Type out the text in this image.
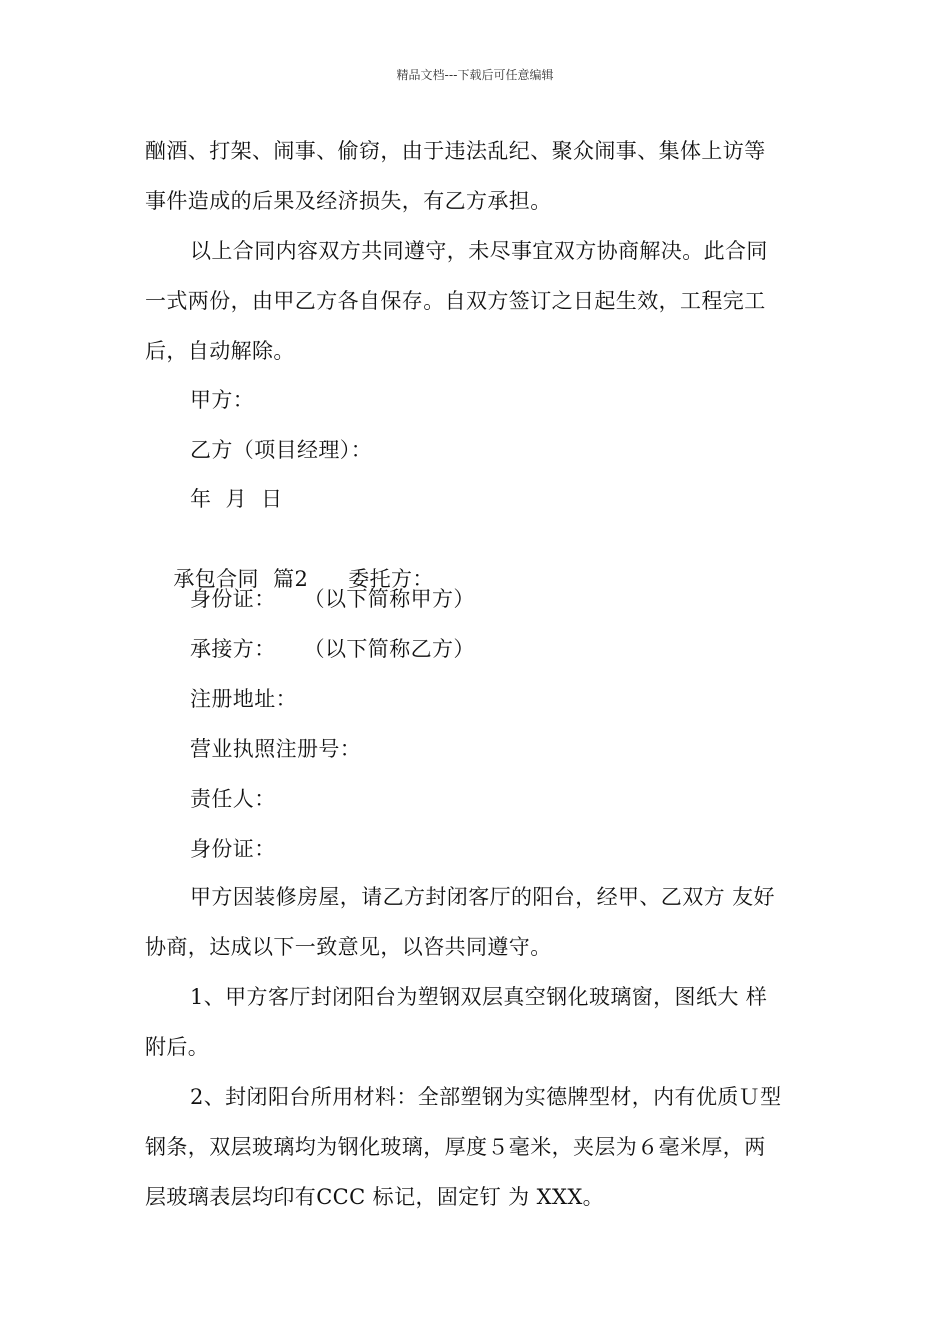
精品文档---下载后可任意编辑
酗酒、打架、闹事、偷窃，由于违法乱纪、聚众闹事、集体上访等
事件造成的后果及经济损失，有乙方承担。
以上合同内容双方共同遵守，未尽事宜双方协商解决。此合同
一式两份，由甲乙方各自保存。自双方签订之日起生效，工程完工
后，自动解除。
甲方：
乙方（项目经理）：
年  月  日

承包合同  篇2 委托方：

身份证： （以下简称甲方）
承接方： （以下简称乙方）
注册地址：
营业执照注册号：
责任人：
身份证：
甲方因装修房屋，请乙方封闭客厅的阳台，经甲、乙双方 友好
协商，达成以下一致意见，以咨共同遵守。
1、甲方客厅封闭阳台为塑钢双层真空钢化玻璃窗，图纸大 样
附后。
2、封闭阳台所用材料：全部塑钢为实德牌型材，内有优质Ｕ型
钢条，双层玻璃均为钢化玻璃，厚度５毫米，夹层为６毫米厚，两
层玻璃表层均印有CCC 标记，固定钉 为 XXX。
